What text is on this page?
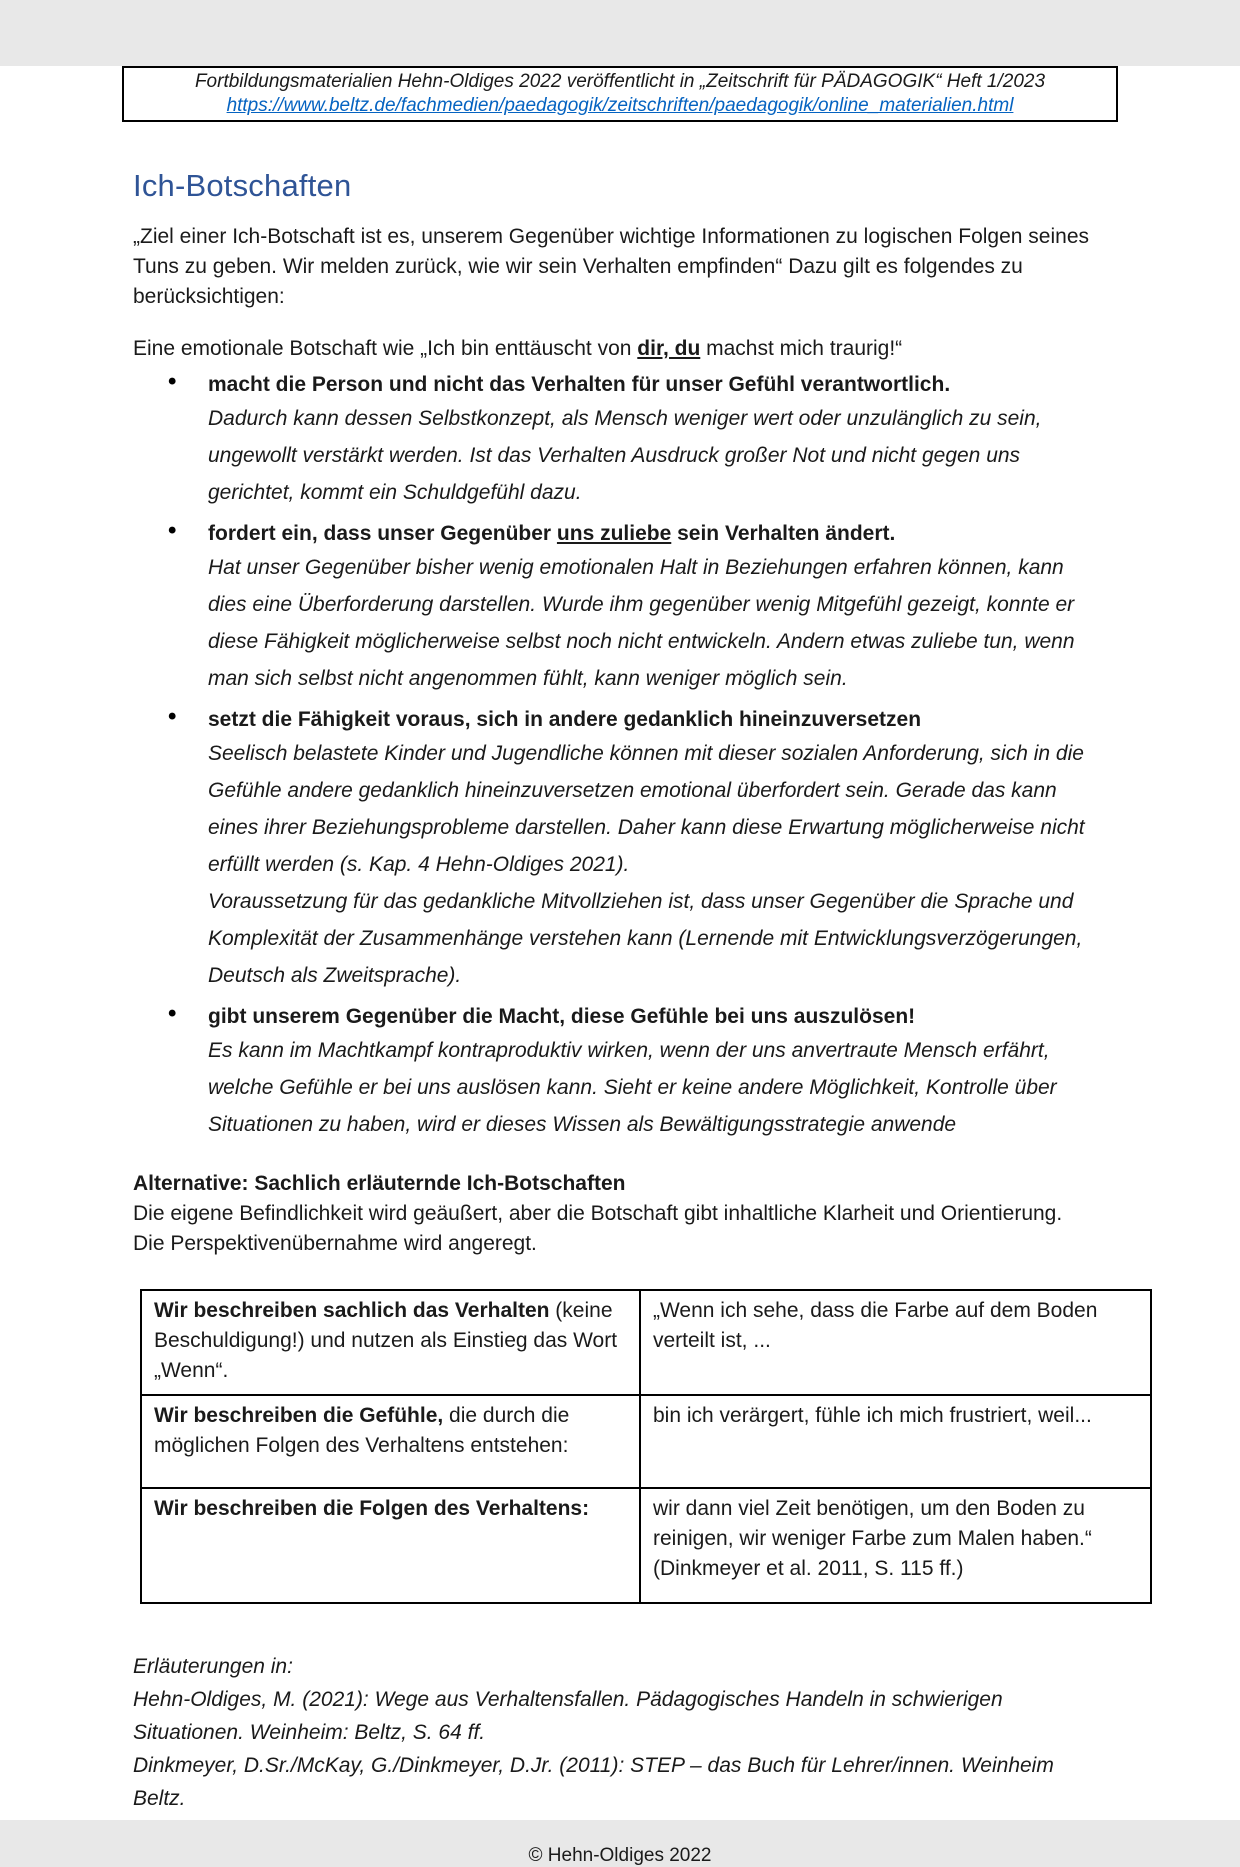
Fortbildungsmaterialien Hehn-Oldiges 2022 veröffentlicht in „Zeitschrift für PÄDAGOGIK“ Heft 1/2023
https://www.beltz.de/fachmedien/paedagogik/zeitschriften/paedagogik/online_materialien.html
Ich-Botschaften

„Ziel einer Ich-Botschaft ist es, unserem Gegenüber wichtige Informationen zu logischen Folgen seines Tuns zu geben. Wir melden zurück, wie wir sein Verhalten empfinden“ Dazu gilt es folgendes zu berücksichtigen:

Eine emotionale Botschaft wie „Ich bin enttäuscht von dir, du machst mich traurig!“

• macht die Person und nicht das Verhalten für unser Gefühl verantwortlich.

Dadurch kann dessen Selbstkonzept, als Mensch weniger wert oder unzulänglich zu sein, ungewollt verstärkt werden. Ist das Verhalten Ausdruck großer Not und nicht gegen uns gerichtet, kommt ein Schuldgefühl dazu.

• fordert ein, dass unser Gegenüber uns zuliebe sein Verhalten ändert.

Hat unser Gegenüber bisher wenig emotionalen Halt in Beziehungen erfahren können, kann dies eine Überforderung darstellen. Wurde ihm gegenüber wenig Mitgefühl gezeigt, konnte er diese Fähigkeit möglicherweise selbst noch nicht entwickeln. Andern etwas zuliebe tun, wenn man sich selbst nicht angenommen fühlt, kann weniger möglich sein.

• setzt die Fähigkeit voraus, sich in andere gedanklich hineinzuversetzen

Seelisch belastete Kinder und Jugendliche können mit dieser sozialen Anforderung, sich in die Gefühle andere gedanklich hineinzuversetzen emotional überfordert sein. Gerade das kann eines ihrer Beziehungsprobleme darstellen. Daher kann diese Erwartung möglicherweise nicht erfüllt werden (s. Kap. 4 Hehn-Oldiges 2021).

Voraussetzung für das gedankliche Mitvollziehen ist, dass unser Gegenüber die Sprache und Komplexität der Zusammenhänge verstehen kann (Lernende mit Entwicklungsverzögerungen, Deutsch als Zweitsprache).

• gibt unserem Gegenüber die Macht, diese Gefühle bei uns auszulösen!

Es kann im Machtkampf kontraproduktiv wirken, wenn der uns anvertraute Mensch erfährt, welche Gefühle er bei uns auslösen kann. Sieht er keine andere Möglichkeit, Kontrolle über Situationen zu haben, wird er dieses Wissen als Bewältigungsstrategie anwende

Alternative: Sachlich erläuternde Ich-Botschaften

Die eigene Befindlichkeit wird geäußert, aber die Botschaft gibt inhaltliche Klarheit und Orientierung.

Die Perspektivenübernahme wird angeregt.

Wir beschreiben sachlich das Verhalten (keine Beschuldigung!) und nutzen als Einstieg das Wort „Wenn“.	„Wenn ich sehe, dass die Farbe auf dem Boden verteilt ist, ...
Wir beschreiben die Gefühle, die durch die möglichen Folgen des Verhaltens entstehen:	bin ich verärgert, fühle ich mich frustriert, weil...
Wir beschreiben die Folgen des Verhaltens:	wir dann viel Zeit benötigen, um den Boden zu reinigen, wir weniger Farbe zum Malen haben.“ (Dinkmeyer et al. 2011, S. 115 ff.)

Erläuterungen in:

Hehn-Oldiges, M. (2021): Wege aus Verhaltensfallen. Pädagogisches Handeln in schwierigen Situationen. Weinheim: Beltz, S. 64 ff.

Dinkmeyer, D.Sr./McKay, G./Dinkmeyer, D.Jr. (2011): STEP – das Buch für Lehrer/innen. Weinheim Beltz.

© Hehn-Oldiges 2022
